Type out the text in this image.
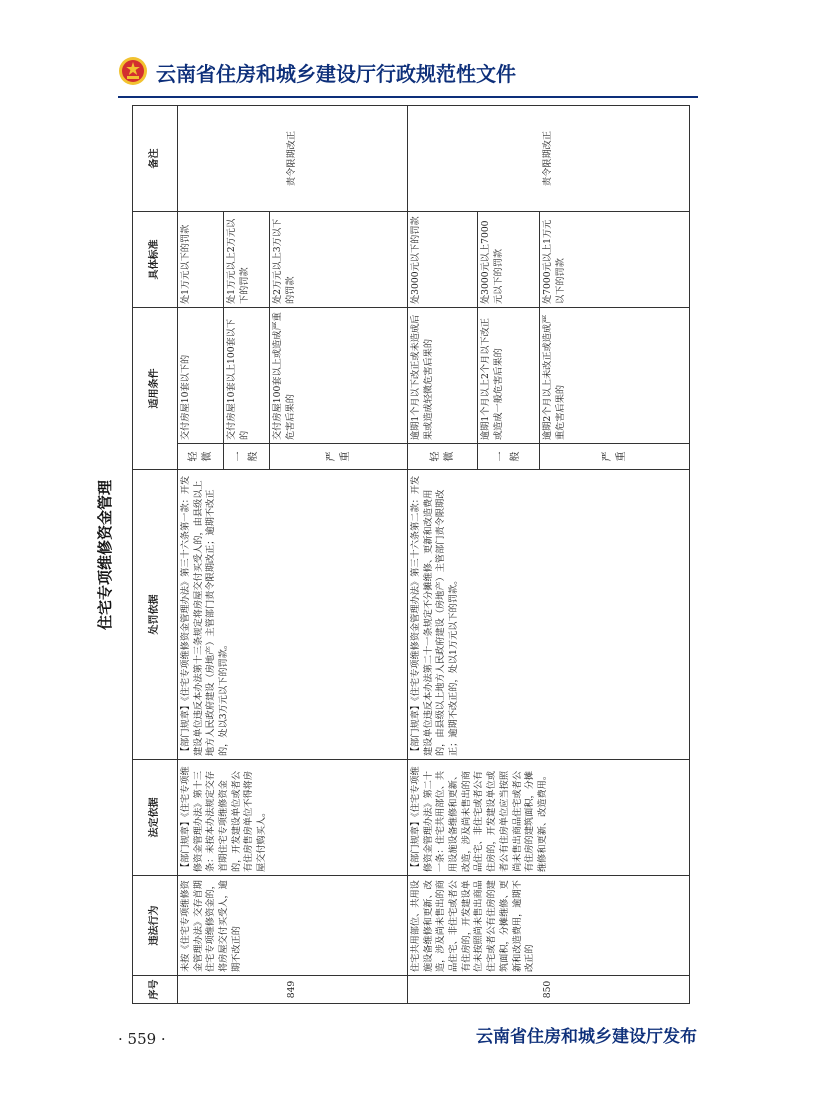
云南省住房和城乡建设厅行政规范性文件
住宅专项维修资金管理
序号	违法行为	法定依据	处罚依据	适用条件		具体标准	备注
849	未按《住宅专项维修资金管理办法》交存首期住宅专项维修资金的，将房屋交付买受人，逾期不改正的	【部门规章】《住宅专项维修资金管理办法》第十三条：未按本办法规定交存首期住宅专项维修资金的，开发建设单位或者公有住房售房单位不得将房屋交付购买人。	【部门规章】《住宅专项维修资金管理办法》第三十六条第一款：开发建设单位违反本办法第十三条规定将房屋交付买受人的，由县级以上地方人民政府建设（房地产）主管部门责令限期改正；逾期不改正的，处以3万元以下的罚款。	轻微	交付房屋10套以下的	处1万元以下的罚款	责令限期改正
				一般	交付房屋10套以上100套以下的	处1万元以上2万元以下的罚款	
				严重	交付房屋100套以上或造成严重危害后果的	处2万元以上3万以下的罚款	
850	住宅共用部位、共用设施设备维修和更新、改造，涉及尚未售出的商品住宅、非住宅或者公有住房的，开发建设单位未按照尚未售出商品住宅或者公有住房的建筑面积，分摊维修、更新和改造费用，逾期不改正的	【部门规章】《住宅专项维修资金管理办法》第二十一条：住宅共用部位、共用设施设备维修和更新、改造，涉及尚未售出的商品住宅、非住宅或者公有住房的，开发建设单位或者公有住房单位应当按照尚未售出商品住宅或者公有住房的建筑面积，分摊维修和更新、改造费用。	【部门规章】《住宅专项维修资金管理办法》第三十六条第二款：开发建设单位违反本办法第二十一条规定不分摊维修、更新和改造费用的，由县级以上地方人民政府建设（房地产）主管部门责令限期改正；逾期不改正的，处以1万元以下的罚款。	轻微	逾期1个月以下改正或未造成后果或造成轻微危害后果的	处3000元以下的罚款	责令限期改正
				一般	逾期1个月以上2个月以下改正或造成一般危害后果的	处3000元以上7000元以下的罚款	
				严重	逾期2个月以上未改正或造成严重危害后果的	处7000元以上1万元以下的罚款	
· 559 ·	云南省住房和城乡建设厅发布
